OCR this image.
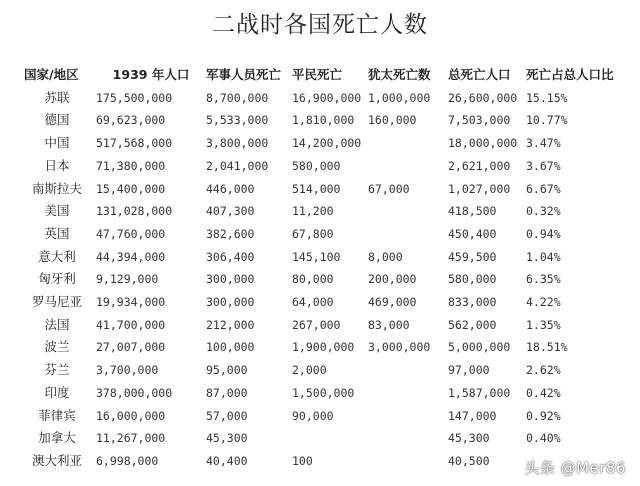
二战时各国死亡人数
国家/地区	1939 年人口	军事人员死亡	平民死亡	犹太死亡数	总死亡人口	死亡占总人口比
苏联	175,500,000	8,700,000	16,900,000	1,000,000	26,600,000	15.15%
德国	69,623,000	5,533,000	1,810,000	160,000	7,503,000	10.77%
中国	517,568,000	3,800,000	14,200,000		18,000,000	3.47%
日本	71,380,000	2,041,000	580,000		2,621,000	3.67%
南斯拉夫	15,400,000	446,000	514,000	67,000	1,027,000	6.67%
美国	131,028,000	407,300	11,200		418,500	0.32%
英国	47,760,000	382,600	67,800		450,400	0.94%
意大利	44,394,000	306,400	145,100	8,000	459,500	1.04%
匈牙利	9,129,000	300,000	80,000	200,000	580,000	6.35%
罗马尼亚	19,934,000	300,000	64,000	469,000	833,000	4.22%
法国	41,700,000	212,000	267,000	83,000	562,000	1.35%
波兰	27,007,000	100,000	1,900,000	3,000,000	5,000,000	18.51%
芬兰	3,700,000	95,000	2,000		97,000	2.62%
印度	378,000,000	87,000	1,500,000		1,587,000	0.42%
菲律宾	16,000,000	57,000	90,000		147,000	0.92%
加拿大	11,267,000	45,300			45,300	0.40%
澳大利亚	6,998,000	40,400	100		40,500	头条 @Mer86
